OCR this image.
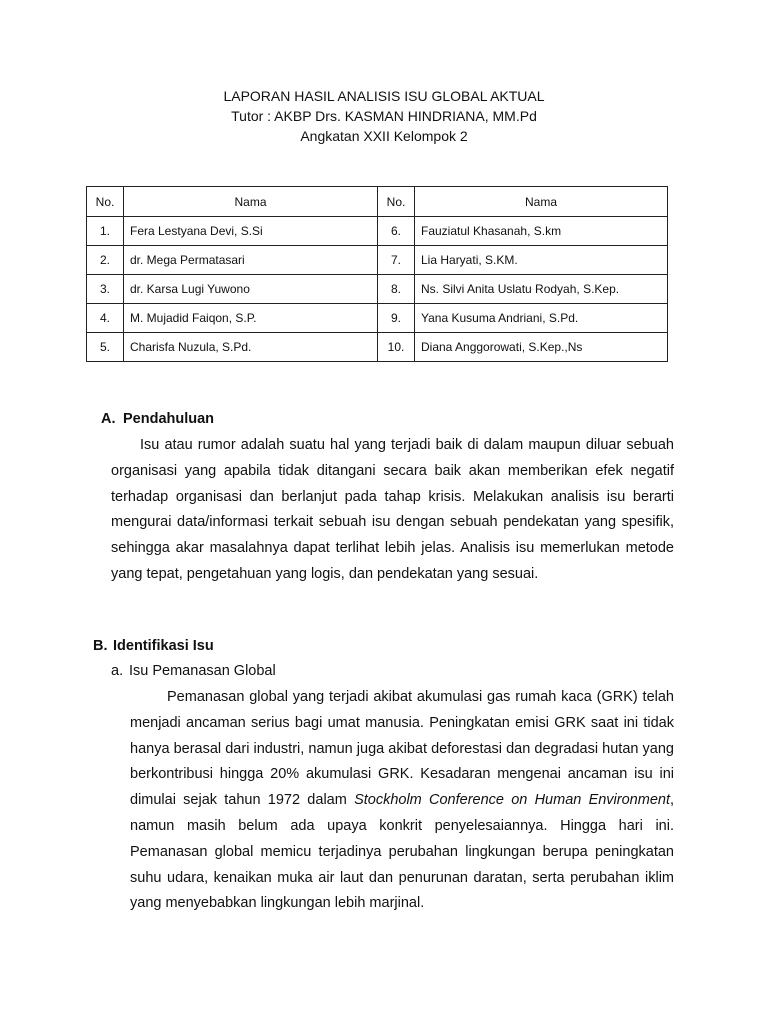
LAPORAN HASIL ANALISIS ISU GLOBAL AKTUAL
Tutor : AKBP Drs. KASMAN HINDRIANA, MM.Pd
Angkatan XXII Kelompok 2
No.	Nama	No.	Nama
1.	Fera Lestyana Devi, S.Si	6.	Fauziatul Khasanah, S.km
2.	dr. Mega Permatasari	7.	Lia Haryati, S.KM.
3.	dr. Karsa Lugi Yuwono	8.	Ns. Silvi Anita Uslatu Rodyah, S.Kep.
4.	M. Mujadid Faiqon, S.P.	9.	Yana Kusuma Andriani, S.Pd.
5.	Charisfa Nuzula, S.Pd.	10.	Diana Anggorowati, S.Kep.,Ns
A. Pendahuluan
Isu atau rumor adalah suatu hal yang terjadi baik di dalam maupun diluar sebuah organisasi yang apabila tidak ditangani secara baik akan memberikan efek negatif terhadap organisasi dan berlanjut pada tahap krisis. Melakukan analisis isu berarti mengurai data/informasi terkait sebuah isu dengan sebuah pendekatan yang spesifik, sehingga akar masalahnya dapat terlihat lebih jelas. Analisis isu memerlukan metode yang tepat, pengetahuan yang logis, dan pendekatan yang sesuai.
B. Identifikasi Isu
a. Isu Pemanasan Global
Pemanasan global yang terjadi akibat akumulasi gas rumah kaca (GRK) telah menjadi ancaman serius bagi umat manusia. Peningkatan emisi GRK saat ini tidak hanya berasal dari industri, namun juga akibat deforestasi dan degradasi hutan yang berkontribusi hingga 20% akumulasi GRK. Kesadaran mengenai ancaman isu ini dimulai sejak tahun 1972 dalam Stockholm Conference on Human Environment, namun masih belum ada upaya konkrit penyelesaiannya. Hingga hari ini. Pemanasan global memicu terjadinya perubahan lingkungan berupa peningkatan suhu udara, kenaikan muka air laut dan penurunan daratan, serta perubahan iklim yang menyebabkan lingkungan lebih marjinal.
